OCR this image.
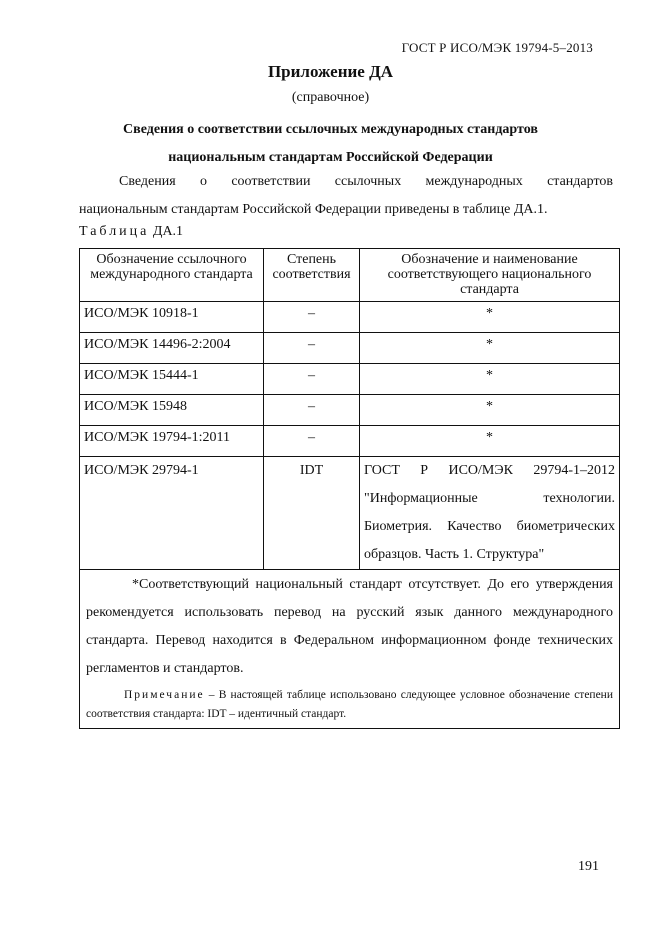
ГОСТ Р ИСО/МЭК 19794-5–2013
Приложение ДА
(справочное)
Сведения о соответствии ссылочных международных стандартов
национальным стандартам Российской Федерации
Сведения о соответствии ссылочных международных стандартов
национальным стандартам Российской Федерации приведены в таблице ДА.1.
Таблица ДА.1
Обозначение ссылочного международного стандарта	Степень соответствия	Обозначение и наименование соответствующего национального стандарта
ИСО/МЭК 10918-1	–	*
ИСО/МЭК 14496-2:2004	–	*
ИСО/МЭК 15444-1	–	*
ИСО/МЭК 15948	–	*
ИСО/МЭК 19794-1:2011	–	*
ИСО/МЭК 29794-1	IDT	ГОСТ Р ИСО/МЭК 29794-1–2012 "Информационные технологии. Биометрия. Качество биометрических образцов. Часть 1. Структура"

*Соответствующий национальный стандарт отсутствует. До его утверждения рекомендуется использовать перевод на русский язык данного международного стандарта. Перевод находится в Федеральном информационном фонде технических регламентов и стандартов.
Примечание – В настоящей таблице использовано следующее условное обозначение степени соответствия стандарта: IDT – идентичный стандарт.		
191
